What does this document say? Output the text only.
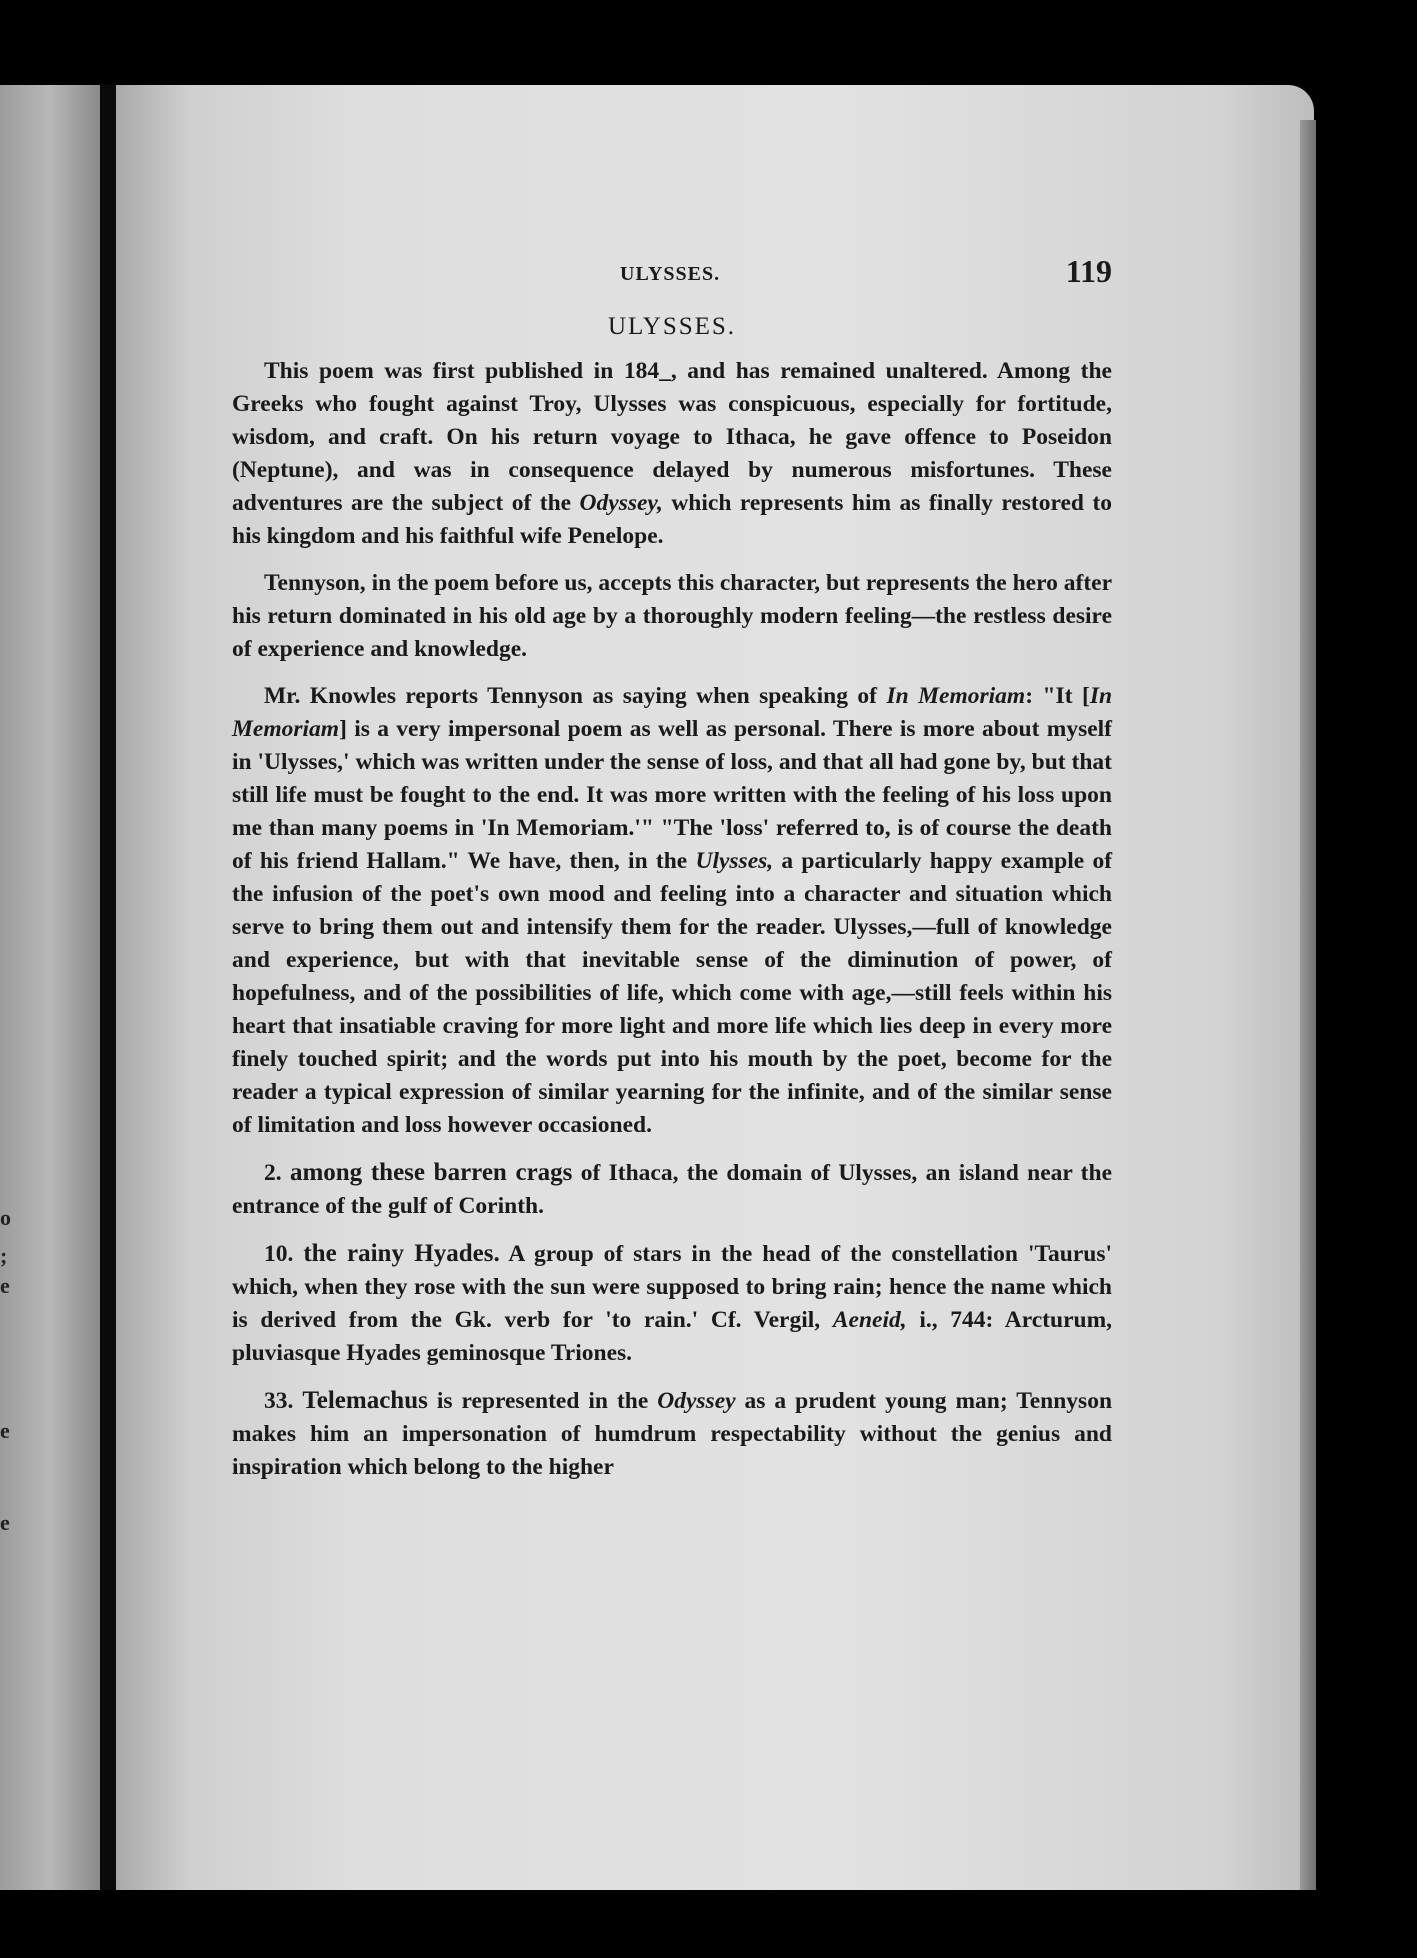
o
;
e
e
e
ULYSSES.	119
ULYSSES.

This poem was first published in 184_, and has remained unaltered. Among the Greeks who fought against Troy, Ulysses was conspicuous, especially for fortitude, wisdom, and craft. On his return voyage to Ithaca, he gave offence to Poseidon (Neptune), and was in consequence delayed by numerous misfortunes. These adventures are the subject of the Odyssey, which represents him as finally restored to his kingdom and his faithful wife Penelope.

Tennyson, in the poem before us, accepts this character, but represents the hero after his return dominated in his old age by a thoroughly modern feeling—the restless desire of experience and knowledge.

Mr. Knowles reports Tennyson as saying when speaking of In Memoriam: "It [In Memoriam] is a very impersonal poem as well as personal. There is more about myself in 'Ulysses,' which was written under the sense of loss, and that all had gone by, but that still life must be fought to the end. It was more written with the feeling of his loss upon me than many poems in 'In Memoriam.'" "The 'loss' referred to, is of course the death of his friend Hallam." We have, then, in the Ulysses, a particularly happy example of the infusion of the poet's own mood and feeling into a character and situation which serve to bring them out and intensify them for the reader. Ulysses,—full of knowledge and experience, but with that inevitable sense of the diminution of power, of hopefulness, and of the possibilities of life, which come with age,—still feels within his heart that insatiable craving for more light and more life which lies deep in every more finely touched spirit; and the words put into his mouth by the poet, become for the reader a typical expression of similar yearning for the infinite, and of the similar sense of limitation and loss however occasioned.

2. among these barren crags of Ithaca, the domain of Ulysses, an island near the entrance of the gulf of Corinth.

10. the rainy Hyades. A group of stars in the head of the constellation 'Taurus' which, when they rose with the sun were supposed to bring rain; hence the name which is derived from the Gk. verb for 'to rain.' Cf. Vergil, Aeneid, i., 744: Arcturum, pluviasque Hyades geminosque Triones.

33. Telemachus is represented in the Odyssey as a prudent young man; Tennyson makes him an impersonation of humdrum respectability without the genius and inspiration which belong to the higher
